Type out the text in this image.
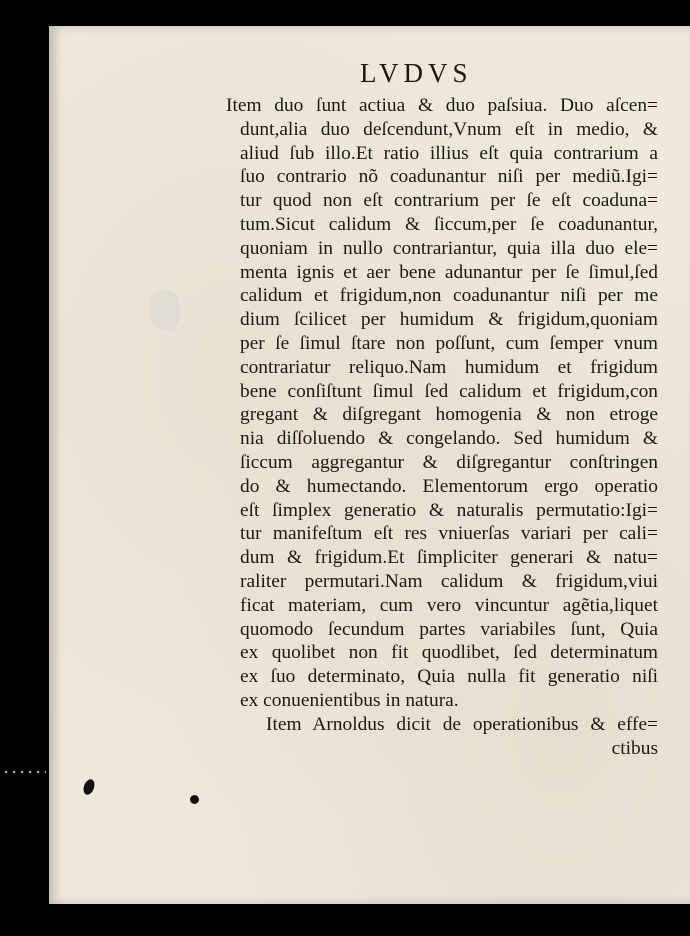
LVDVS
Item duo ſunt actiua & duo paſsiua. Duo aſcen=
dunt,alia duo deſcendunt,Vnum eſt in medio, &
aliud ſub illo.Et ratio illius eſt quia contrarium a
ſuo contrario nõ coadunantur niſi per mediũ.Igi=
tur quod non eſt contrarium per ſe eſt coaduna=
tum.Sicut calidum & ſiccum,per ſe coadunantur,
quoniam in nullo contrariantur, quia illa duo ele=
menta ignis et aer bene adunantur per ſe ſimul,ſed
calidum et frigidum,non coadunantur niſi per me
dium ſcilicet per humidum & frigidum,quoniam
per ſe ſimul ſtare non poſſunt, cum ſemper vnum
contrariatur reliquo.Nam humidum et frigidum
bene conſiſtunt ſimul ſed calidum et frigidum,con
gregant & diſgregant homogenia & non etroge
nia diſſoluendo & congelando. Sed humidum &
ſiccum aggregantur & diſgregantur conſtringen
do & humectando. Elementorum ergo operatio
eſt ſimplex generatio & naturalis permutatio:Igi=
tur manifeſtum eſt res vniuerſas variari per cali=
dum & frigidum.Et ſimpliciter generari & natu=
raliter permutari.Nam calidum & frigidum,viui
ficat materiam, cum vero vincuntur agẽtia,liquet
quomodo ſecundum partes variabiles ſunt, Quia
ex quolibet non fit quodlibet, ſed determinatum
ex ſuo determinato, Quia nulla fit generatio niſi
ex conuenientibus in natura.
Item Arnoldus dicit de operationibus & effe=
ctibus
